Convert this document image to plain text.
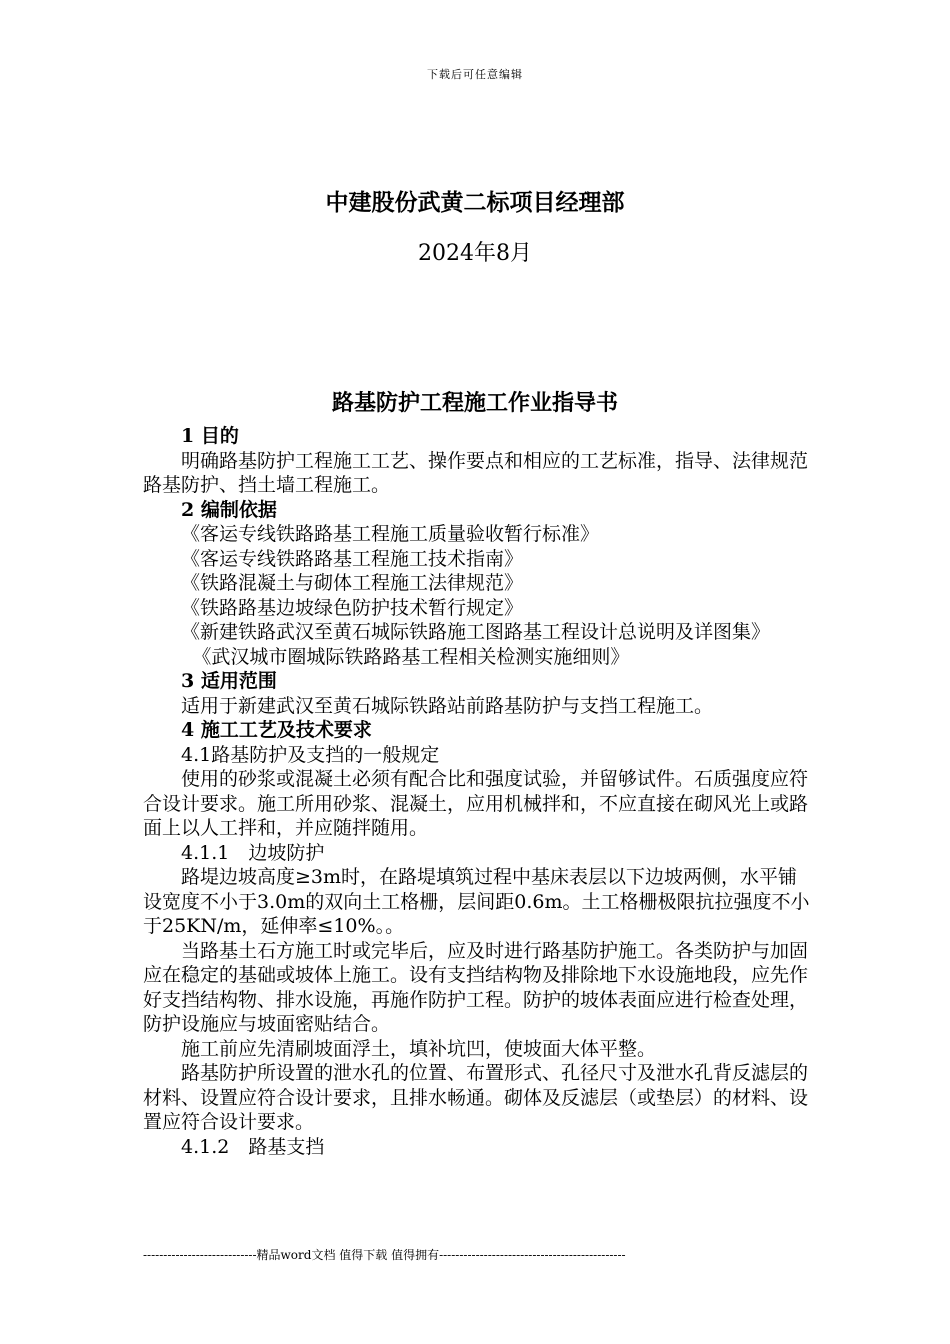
下载后可任意编辑
中建股份武黄二标项目经理部
2024年8月
路基防护工程施工作业指导书

1 目的

明确路基防护工程施工工艺、操作要点和相应的工艺标准，指导、法律规范路基防护、挡土墙工程施工。

2 编制依据

《客运专线铁路路基工程施工质量验收暂行标准》

《客运专线铁路路基工程施工技术指南》

《铁路混凝土与砌体工程施工法律规范》

《铁路路基边坡绿色防护技术暂行规定》

《新建铁路武汉至黄石城际铁路施工图路基工程设计总说明及详图集》

《武汉城市圈城际铁路路基工程相关检测实施细则》

3 适用范围

适用于新建武汉至黄石城际铁路站前路基防护与支挡工程施工。

4 施工工艺及技术要求

4.1路基防护及支挡的一般规定

使用的砂浆或混凝土必须有配合比和强度试验，并留够试件。石质强度应符合设计要求。施工所用砂浆、混凝土，应用机械拌和，不应直接在砌风光上或路面上以人工拌和，并应随拌随用。

4.1.1　边坡防护

路堤边坡高度≥3m时，在路堤填筑过程中基床表层以下边坡两侧，水平铺设宽度不小于3.0m的双向土工格栅，层间距0.6m。土工格栅极限抗拉强度不小于25KN/m，延伸率≤10%。。

当路基土石方施工时或完毕后，应及时进行路基防护施工。各类防护与加固应在稳定的基础或坡体上施工。设有支挡结构物及排除地下水设施地段，应先作好支挡结构物、排水设施，再施作防护工程。防护的坡体表面应进行检查处理，防护设施应与坡面密贴结合。

施工前应先清刷坡面浮土，填补坑凹，使坡面大体平整。

路基防护所设置的泄水孔的位置、布置形式、孔径尺寸及泄水孔背反滤层的材料、设置应符合设计要求，且排水畅通。砌体及反滤层（或垫层）的材料、设置应符合设计要求。

4.1.2　路基支挡

----------------------------精品word文档 值得下载 值得拥有----------------------------------------------
